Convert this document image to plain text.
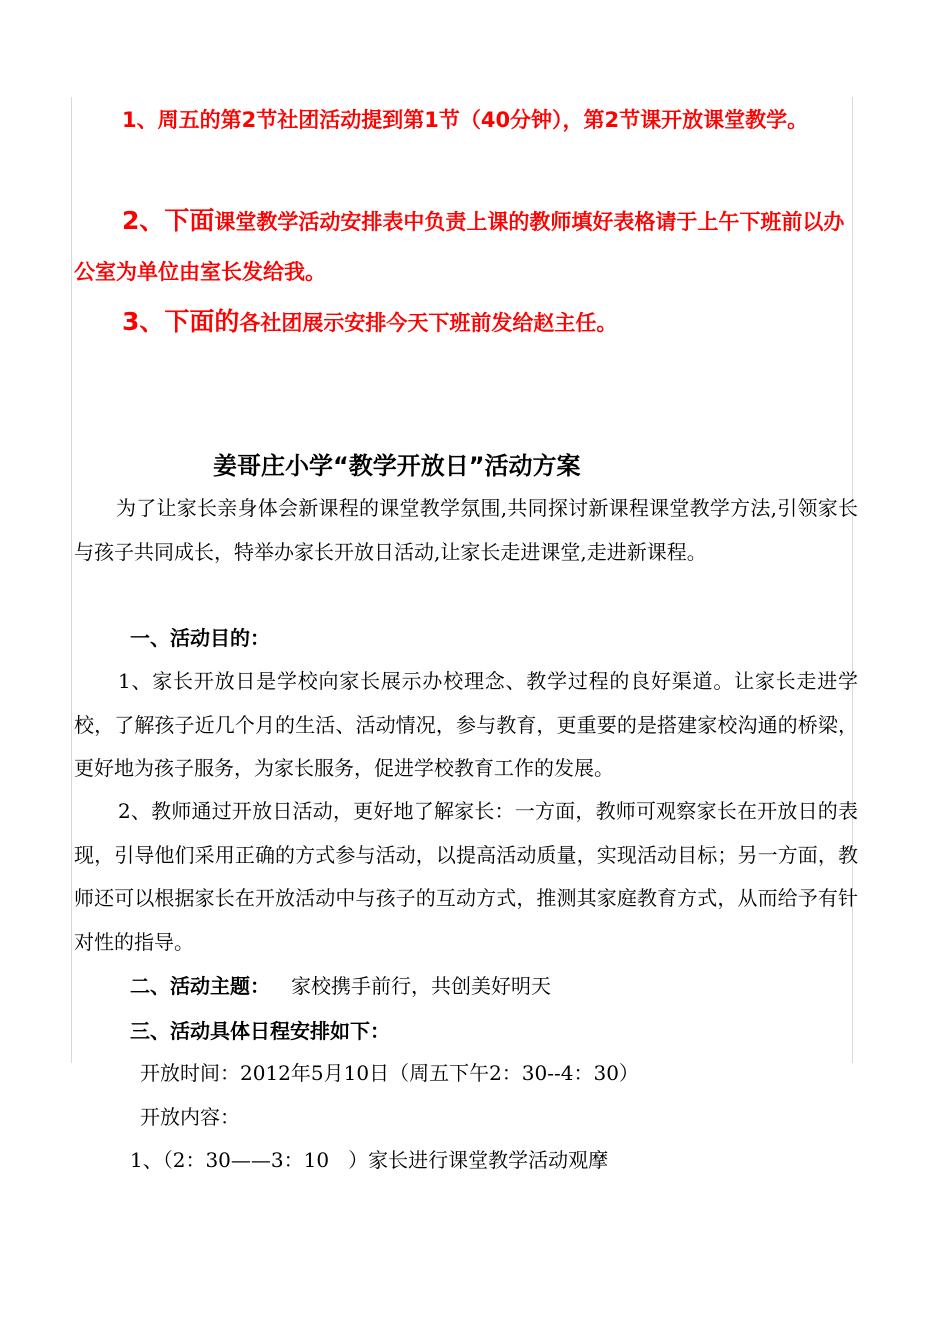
1、周五的第2节社团活动提到第1节（40分钟），第2节课开放课堂教学。
2、下面课堂教学活动安排表中负责上课的教师填好表格请于上午下班前以办公室为单位由室长发给我。
3、下面的各社团展示安排今天下班前发给赵主任。
姜哥庄小学“教学开放日”活动方案
为了让家长亲身体会新课程的课堂教学氛围,共同探讨新课程课堂教学方法,引领家长与孩子共同成长，特举办家长开放日活动,让家长走进课堂,走进新课程。
一、活动目的：
1、家长开放日是学校向家长展示办校理念、教学过程的良好渠道。让家长走进学校，了解孩子近几个月的生活、活动情况，参与教育，更重要的是搭建家校沟通的桥梁，更好地为孩子服务，为家长服务，促进学校教育工作的发展。
2、教师通过开放日活动，更好地了解家长：一方面，教师可观察家长在开放日的表现，引导他们采用正确的方式参与活动，以提高活动质量，实现活动目标；另一方面，教师还可以根据家长在开放活动中与孩子的互动方式，推测其家庭教育方式，从而给予有针对性的指导。
二、活动主题： 家校携手前行，共创美好明天
三、活动具体日程安排如下：
开放时间：2012年5月10日（周五下午2：30--4：30）
开放内容：
1、（2：30——3：10   ）家长进行课堂教学活动观摩
